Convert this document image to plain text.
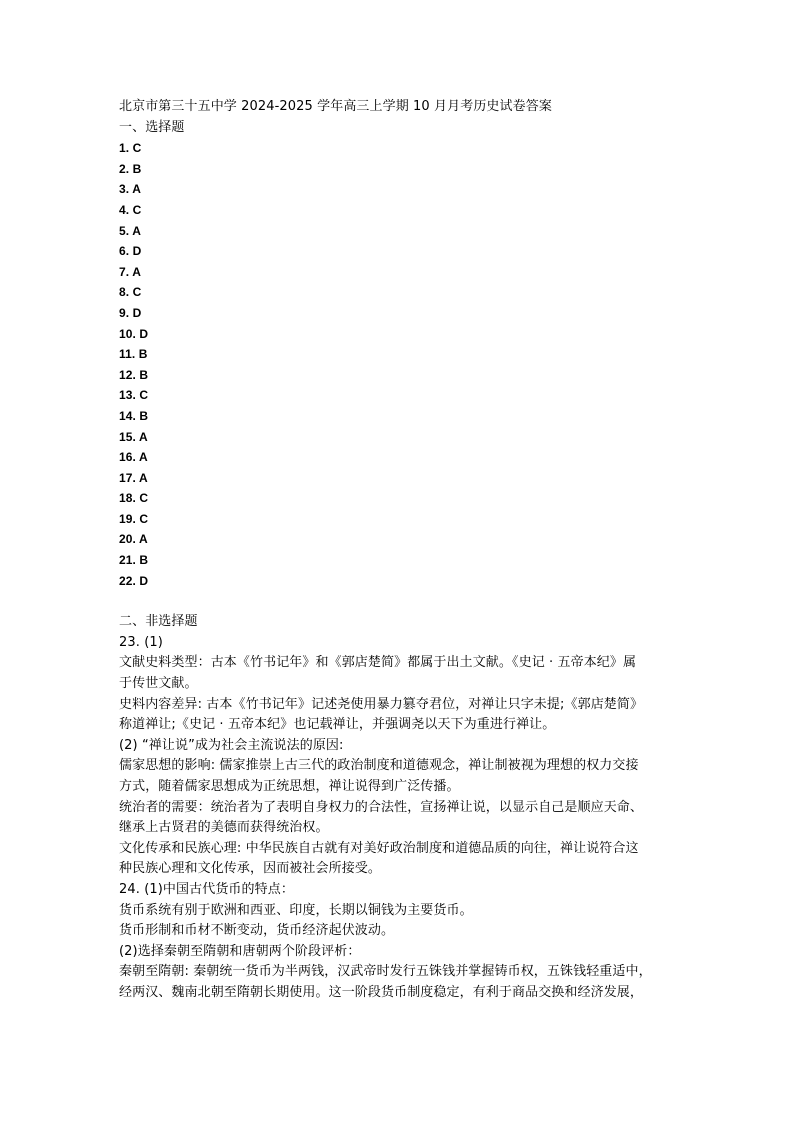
北京市第三十五中学 2024-2025 学年高三上学期 10 月月考历史试卷答案
一、选择题
1. C
2. B
3. A
4. C
5. A
6. D
7. A
8. C
9. D
10. D
11. B
12. B
13. C
14. B
15. A
16. A
17. A
18. C
19. C
20. A
21. B
22. D
二、非选择题
23. (1)
文献史料类型：古本《竹书记年》和《郭店楚简》都属于出土文献。《史记 · 五帝本纪》属
于传世文献。
史料内容差异: 古本《竹书记年》记述尧使用暴力篡夺君位，对禅让只字未提;《郭店楚简》
称道禅让;《史记 · 五帝本纪》也记载禅让，并强调尧以天下为重进行禅让。
(2) “禅让说”成为社会主流说法的原因:
儒家思想的影响: 儒家推崇上古三代的政治制度和道德观念，禅让制被视为理想的权力交接
方式，随着儒家思想成为正统思想，禅让说得到广泛传播。
统治者的需要：统治者为了表明自身权力的合法性，宣扬禅让说，以显示自己是顺应天命、
继承上古贤君的美德而获得统治权。
文化传承和民族心理: 中华民族自古就有对美好政治制度和道德品质的向往，禅让说符合这
种民族心理和文化传承，因而被社会所接受。
24. (1)中国古代货币的特点：
货币系统有别于欧洲和西亚、印度，长期以铜钱为主要货币。
货币形制和币材不断变动，货币经济起伏波动。
(2)选择秦朝至隋朝和唐朝两个阶段评析：
秦朝至隋朝: 秦朝统一货币为半两钱，汉武帝时发行五铢钱并掌握铸币权，五铢钱轻重适中，
经两汉、魏南北朝至隋朝长期使用。这一阶段货币制度稳定，有利于商品交换和经济发展，
